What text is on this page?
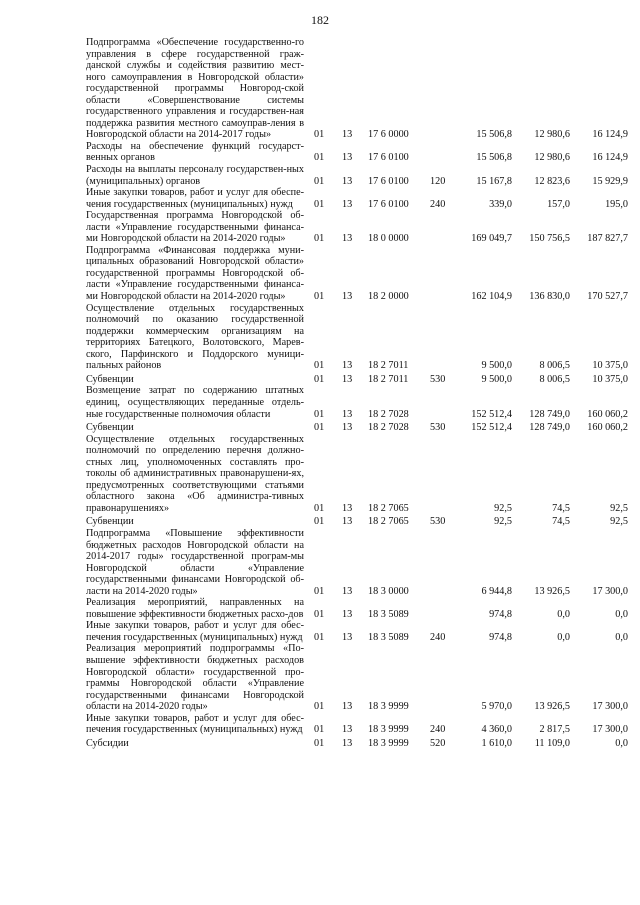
182
Подпрограмма «Обеспечение государственно-го управления в сфере государственной граж-данской службы и содействия развитию мест-ного самоуправления в Новгородской области» государственной программы Новгород-ской области «Совершенствование системы государственного управления и государствен-ная поддержка развития местного самоуправ-ления в Новгородской области на 2014-2017 годы»	01	13	17 6 0000		15 506,8	12 980,6	16 124,9
Расходы на обеспечение функций государст-венных органов	01	13	17 6 0100		15 506,8	12 980,6	16 124,9
Расходы на выплаты персоналу государствен-ных (муниципальных) органов	01	13	17 6 0100	120	15 167,8	12 823,6	15 929,9
Иные закупки товаров, работ и услуг для обеспе-чения государственных (муниципальных) нужд	01	13	17 6 0100	240	339,0	157,0	195,0
Государственная программа Новгородской об-ласти «Управление государственными финанса-ми Новгородской области на 2014-2020 годы»	01	13	18 0 0000		169 049,7	150 756,5	187 827,7
Подпрограмма «Финансовая поддержка муни-ципальных образований Новгородской области» государственной программы Новгородской об-ласти «Управление государственными финанса-ми Новгородской области на 2014-2020 годы»	01	13	18 2 0000		162 104,9	136 830,0	170 527,7
Осуществление отдельных государственных полномочий по оказанию государственной поддержки коммерческим организациям на территориях Батецкого, Волотовского, Марев-ского, Парфинского и Поддорского муници-пальных районов	01	13	18 2 7011		9 500,0	8 006,5	10 375,0
Субвенции	01	13	18 2 7011	530	9 500,0	8 006,5	10 375,0
Возмещение затрат по содержанию штатных единиц, осуществляющих переданные отдель-ные государственные полномочия области	01	13	18 2 7028		152 512,4	128 749,0	160 060,2
Субвенции	01	13	18 2 7028	530	152 512,4	128 749,0	160 060,2
Осуществление отдельных государственных полномочий по определению перечня должно-стных лиц, уполномоченных составлять про-токолы об административных правонарушени-ях, предусмотренных соответствующими статьями областного закона «Об администра-тивных правонарушениях»	01	13	18 2 7065		92,5	74,5	92,5
Субвенции	01	13	18 2 7065	530	92,5	74,5	92,5
Подпрограмма «Повышение эффективности бюджетных расходов Новгородской области на 2014-2017 годы» государственной програм-мы Новгородской области «Управление государственными финансами Новгородской об-ласти на 2014-2020 годы»	01	13	18 3 0000		6 944,8	13 926,5	17 300,0
Реализация мероприятий, направленных на повышение эффективности бюджетных расхо-дов	01	13	18 3 5089		974,8	0,0	0,0
Иные закупки товаров, работ и услуг для обес-печения государственных (муниципальных) нужд	01	13	18 3 5089	240	974,8	0,0	0,0
Реализация мероприятий подпрограммы «По-вышение эффективности бюджетных расходов Новгородской области» государственной про-граммы Новгородской области «Управление государственными финансами Новгородской области на 2014-2020 годы»	01	13	18 3 9999		5 970,0	13 926,5	17 300,0
Иные закупки товаров, работ и услуг для обес-печения государственных (муниципальных) нужд	01	13	18 3 9999	240	4 360,0	2 817,5	17 300,0
Субсидии	01	13	18 3 9999	520	1 610,0	11 109,0	0,0
